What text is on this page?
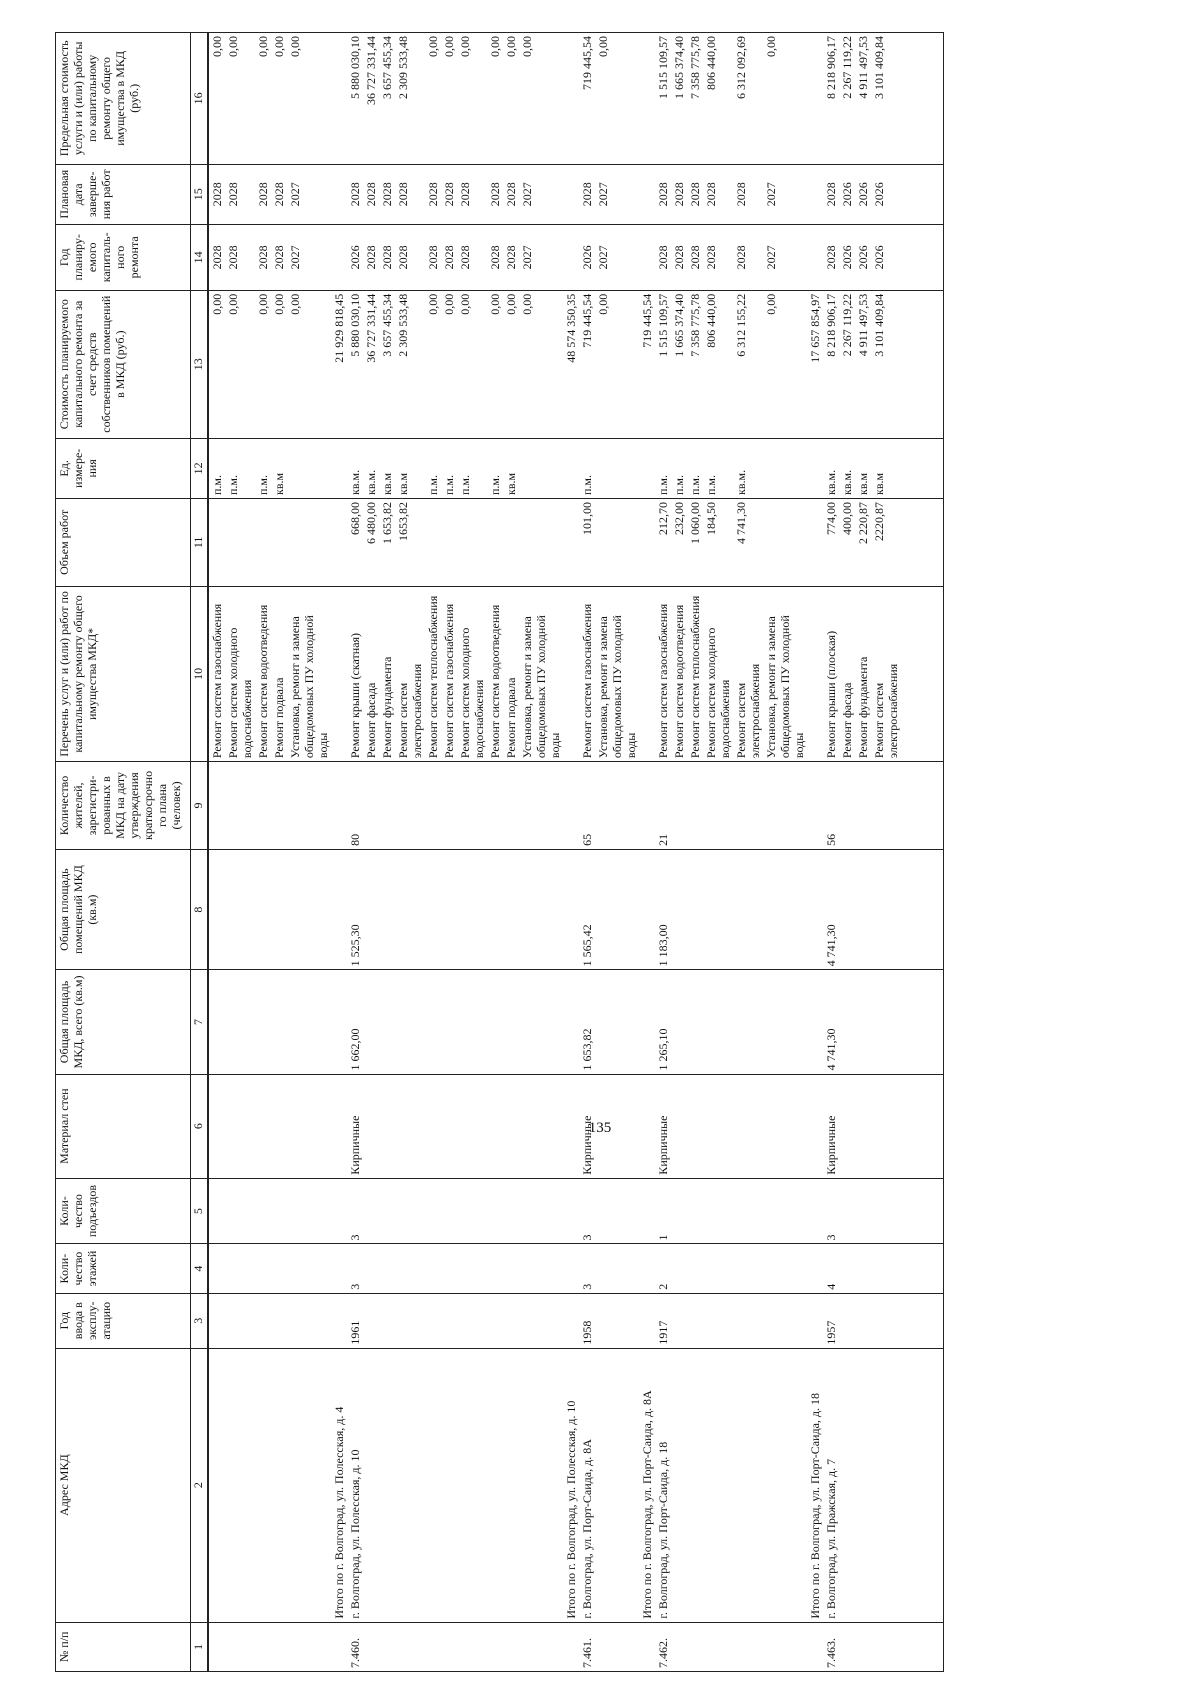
135
№ п/п	Адрес МКД	Год ввода в эксплу-атацию	Коли-чество этажей	Коли-чество подъездов	Материал стен	Общая площадь МКД, всего (кв.м)	Общая площадь помещений МКД (кв.м)	Количество жителей, зарегистри-рованных в МКД на дату утверждения краткосрочно го плана (человек)	Перечень услуг и (или) работ по капитальному ремонту общего имущества МКД*	Объем работ	Ед. измере-ния	Стоимость планируемого капитального ремонта за счет средств собственников помещений в МКД (руб.)	Год планиру-емого капиталь-ного ремонта	Плановая дата заверше-ния работ	Предельная стоимость услуги и (или) работы по капитальному ремонту общего имущества в МКД (руб.)
1	2	3	4	5	6	7	8	9	10	11	12	13	14	15	16
									Ремонт систем газоснабжения		п.м.	0,00	2028	2028	0,00
									Ремонт систем холодного водоснабжения		п.м.	0,00	2028	2028	0,00
									Ремонт систем водоотведения		п.м.	0,00	2028	2028	0,00
									Ремонт подвала		кв.м	0,00	2028	2028	0,00
									Установка, ремонт и замена общедомовых ПУ холодной воды			0,00	2027	2027	0,00
	Итого по г. Волгоград, ул. Полесская, д. 4											21 929 818,45			
7.460.	г. Волгоград, ул. Полесская, д. 10	1961	3	3	Кирпичные	1 662,00	1 525,30	80	Ремонт крыши (скатная)	668,00	кв.м.	5 880 030,10	2026	2028	5 880 030,10
									Ремонт фасада	6 480,00	кв.м.	36 727 331,44	2028	2028	36 727 331,44
									Ремонт фундамента	1 653,82	кв.м	3 657 455,34	2028	2028	3 657 455,34
									Ремонт систем электроснабжения	1653,82	кв.м	2 309 533,48	2028	2028	2 309 533,48
									Ремонт систем теплоснабжения		п.м.	0,00	2028	2028	0,00
									Ремонт систем газоснабжения		п.м.	0,00	2028	2028	0,00
									Ремонт систем холодного водоснабжения		п.м.	0,00	2028	2028	0,00
									Ремонт систем водоотведения		п.м.	0,00	2028	2028	0,00
									Ремонт подвала		кв.м	0,00	2028	2028	0,00
									Установка, ремонт и замена общедомовых ПУ холодной воды			0,00	2027	2027	0,00
	Итого по г. Волгоград, ул. Полесская, д. 10											48 574 350,35			
7.461.	г. Волгоград, ул. Порт-Саида, д. 8А	1958	3	3	Кирпичные	1 653,82	1 565,42	65	Ремонт систем газоснабжения	101,00	п.м.	719 445,54	2026	2028	719 445,54
									Установка, ремонт и замена общедомовых ПУ холодной воды			0,00	2027	2027	0,00
	Итого по г. Волгоград, ул. Порт-Саида, д. 8А											719 445,54			
7.462.	г. Волгоград, ул. Порт-Саида, д. 18	1917	2	1	Кирпичные	1 265,10	1 183,00	21	Ремонт систем газоснабжения	212,70	п.м.	1 515 109,57	2028	2028	1 515 109,57
									Ремонт систем водоотведения	232,00	п.м.	1 665 374,40	2028	2028	1 665 374,40
									Ремонт систем теплоснабжения	1 060,00	п.м.	7 358 775,78	2028	2028	7 358 775,78
									Ремонт систем холодного водоснабжения	184,50	п.м.	806 440,00	2028	2028	806 440,00
									Ремонт систем электроснабжения	4 741,30	кв.м.	6 312 155,22	2028	2028	6 312 092,69
									Установка, ремонт и замена общедомовых ПУ холодной воды			0,00	2027	2027	0,00
	Итого по г. Волгоград, ул. Порт-Саида, д. 18											17 657 854,97			
7.463.	г. Волгоград, ул. Пражская, д. 7	1957	4	3	Кирпичные	4 741,30	4 741,30	56	Ремонт крыши (плоская)	774,00	кв.м.	8 218 906,17	2028	2028	8 218 906,17
									Ремонт фасада	400,00	кв.м.	2 267 119,22	2026	2026	2 267 119,22
									Ремонт фундамента	2 220,87	кв.м	4 911 497,53	2026	2026	4 911 497,53
									Ремонт систем электроснабжения	2220,87	кв.м	3 101 409,84	2026	2026	3 101 409,84
